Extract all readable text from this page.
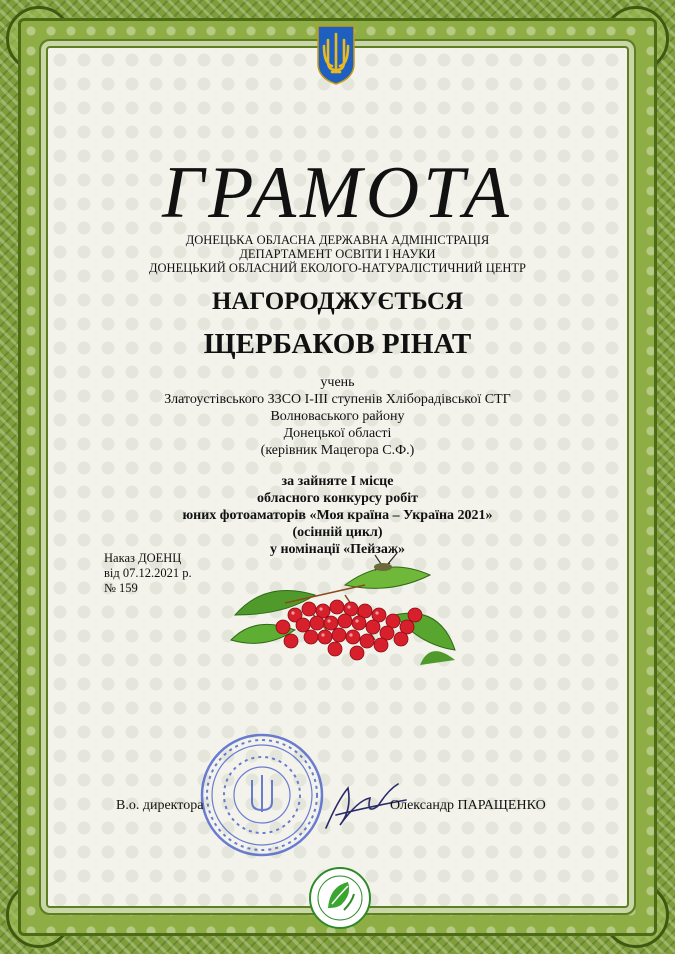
ГРАМОТА
ДОНЕЦЬКА ОБЛАСНА ДЕРЖАВНА АДМІНІСТРАЦІЯ
ДЕПАРТАМЕНТ ОСВІТИ І НАУКИ
ДОНЕЦЬКИЙ ОБЛАСНИЙ ЕКОЛОГО-НАТУРАЛІСТИЧНИЙ ЦЕНТР
НАГОРОДЖУЄТЬСЯ
ЩЕРБАКОВ РІНАТ
учень
Златоустівського ЗЗСО І-ІІІ ступенів Хліборадівської СТГ
Волноваського району
Донецької області
(керівник Мацегора С.Ф.)
за зайняте І місце
обласного конкурсу робіт
юних фотоаматорів «Моя країна – Україна 2021»
(осінній цикл)
у номінації «Пейзаж»
Наказ ДОЕНЦ
від 07.12.2021 р.
№ 159
В.о. директора	Олександр ПАРАЩЕНКО
